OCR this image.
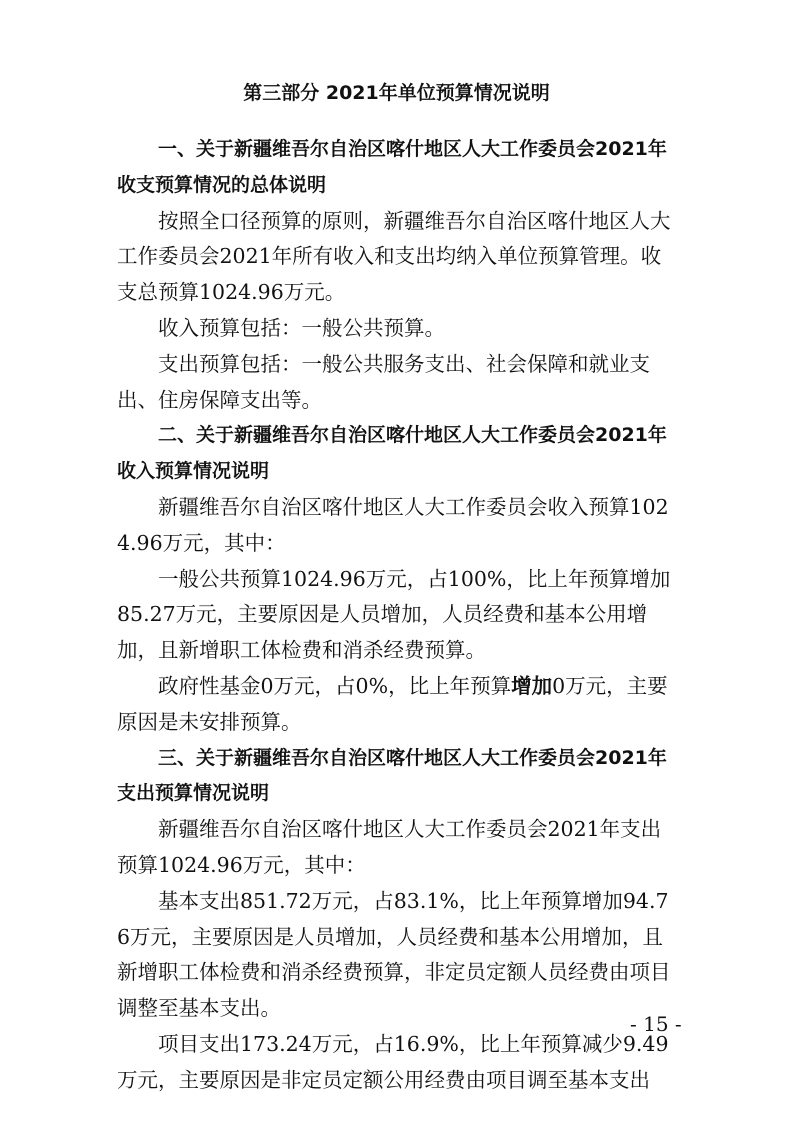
第三部分 2021年单位预算情况说明

一、关于新疆维吾尔自治区喀什地区人大工作委员会2021年收支预算情况的总体说明

按照全口径预算的原则，新疆维吾尔自治区喀什地区人大工作委员会2021年所有收入和支出均纳入单位预算管理。收支总预算1024.96万元。

收入预算包括：一般公共预算。

支出预算包括：一般公共服务支出、社会保障和就业支出、住房保障支出等。

二、关于新疆维吾尔自治区喀什地区人大工作委员会2021年收入预算情况说明

新疆维吾尔自治区喀什地区人大工作委员会收入预算1024.96万元，其中：

一般公共预算1024.96万元，占100%，比上年预算增加85.27万元，主要原因是人员增加，人员经费和基本公用增加，且新增职工体检费和消杀经费预算。

政府性基金0万元，占0%，比上年预算增加0万元，主要原因是未安排预算。

三、关于新疆维吾尔自治区喀什地区人大工作委员会2021年支出预算情况说明

新疆维吾尔自治区喀什地区人大工作委员会2021年支出预算1024.96万元，其中：

基本支出851.72万元，占83.1%，比上年预算增加94.76万元，主要原因是人员增加，人员经费和基本公用增加，且新增职工体检费和消杀经费预算，非定员定额人员经费由项目调整至基本支出。

项目支出173.24万元，占16.9%，比上年预算减少9.49万元，主要原因是非定员定额公用经费由项目调至基本支出

- 15 -
